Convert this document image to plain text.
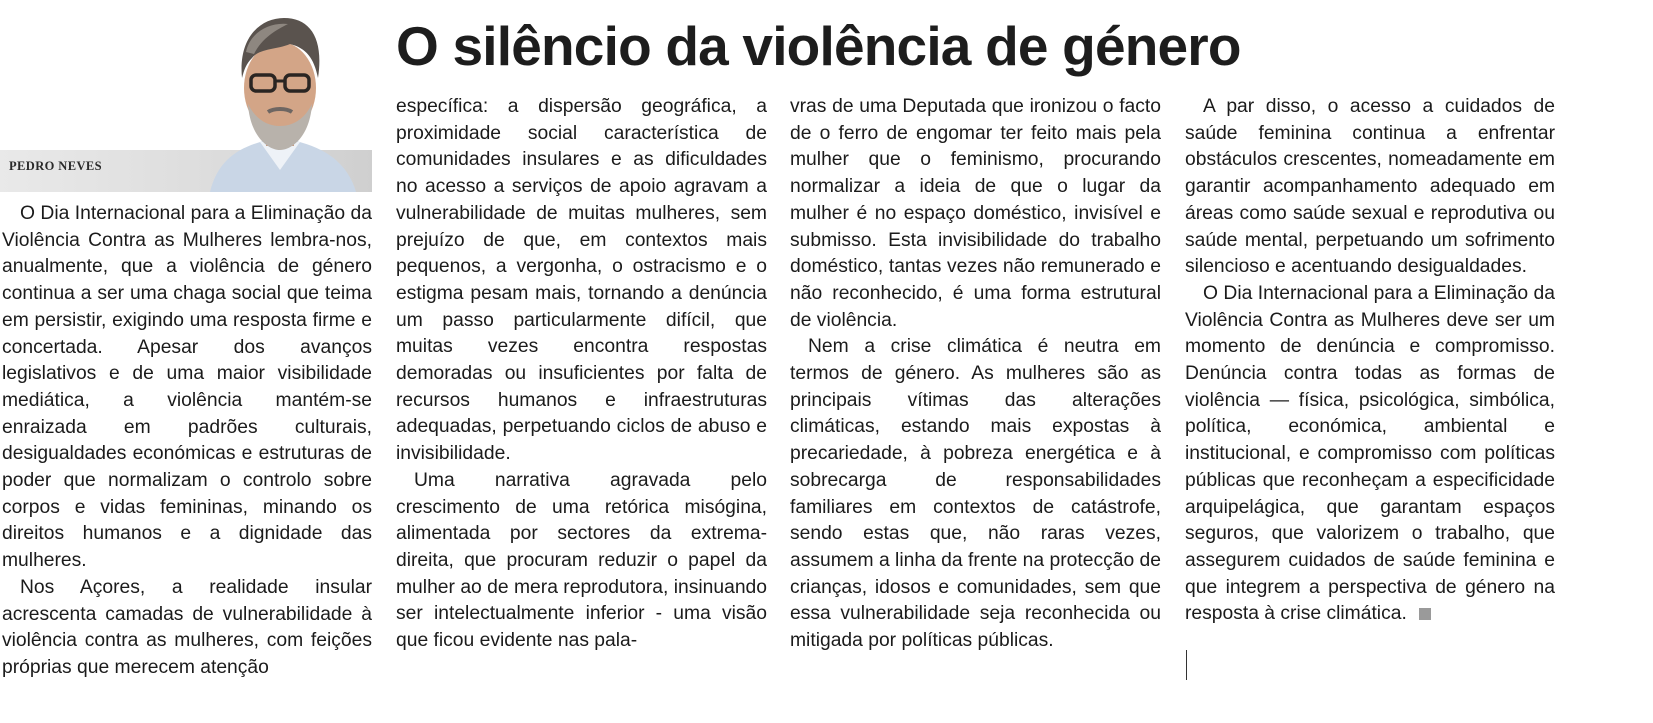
PEDRO NEVES
O silêncio da violência de género

O Dia Internacional para a Eliminação da Violência Contra as Mulheres lembra-nos, anualmente, que a violência de género continua a ser uma chaga social que teima em persistir, exigindo uma resposta firme e concertada. Apesar dos avanços legislativos e de uma maior visibilidade mediática, a violência mantém-se enraizada em padrões culturais, desigualdades económicas e estruturas de poder que normalizam o controlo sobre corpos e vidas femininas, minando os direitos humanos e a dignidade das mulheres.

Nos Açores, a realidade insular acrescenta camadas de vulnerabilidade à violência contra as mulheres, com feições próprias que merecem atenção

específica: a dispersão geográfica, a proximidade social característica de comunidades insulares e as dificuldades no acesso a serviços de apoio agravam a vulnerabilidade de muitas mulheres, sem prejuízo de que, em contextos mais pequenos, a vergonha, o ostracismo e o estigma pesam mais, tornando a denúncia um passo particularmente difícil, que muitas vezes encontra respostas demoradas ou insuficientes por falta de recursos humanos e infraestruturas adequadas, perpetuando ciclos de abuso e invisibilidade.

Uma narrativa agravada pelo crescimento de uma retórica misógina, alimentada por sectores da extrema-direita, que procuram reduzir o papel da mulher ao de mera reprodutora, insinuando ser intelectualmente inferior - uma visão que ficou evidente nas pala-

vras de uma Deputada que ironizou o facto de o ferro de engomar ter feito mais pela mulher que o feminismo, procurando normalizar a ideia de que o lugar da mulher é no espaço doméstico, invisível e submisso. Esta invisibilidade do trabalho doméstico, tantas vezes não remunerado e não reconhecido, é uma forma estrutural de violência.

Nem a crise climática é neutra em termos de género. As mulheres são as principais vítimas das alterações climáticas, estando mais expostas à precariedade, à pobreza energética e à sobrecarga de responsabilidades familiares em contextos de catástrofe, sendo estas que, não raras vezes, assumem a linha da frente na protecção de crianças, idosos e comunidades, sem que essa vulnerabilidade seja reconhecida ou mitigada por políticas públicas.

A par disso, o acesso a cuidados de saúde feminina continua a enfrentar obstáculos crescentes, nomeadamente em garantir acompanhamento adequado em áreas como saúde sexual e reprodutiva ou saúde mental, perpetuando um sofrimento silencioso e acentuando desigualdades.

O Dia Internacional para a Eliminação da Violência Contra as Mulheres deve ser um momento de denúncia e compromisso. Denúncia contra todas as formas de violência — física, psicológica, simbólica, política, económica, ambiental e institucional, e compromisso com políticas públicas que reconheçam a especificidade arquipelágica, que garantam espaços seguros, que valorizem o trabalho, que assegurem cuidados de saúde feminina e que integrem a perspectiva de género na resposta à crise climática.
